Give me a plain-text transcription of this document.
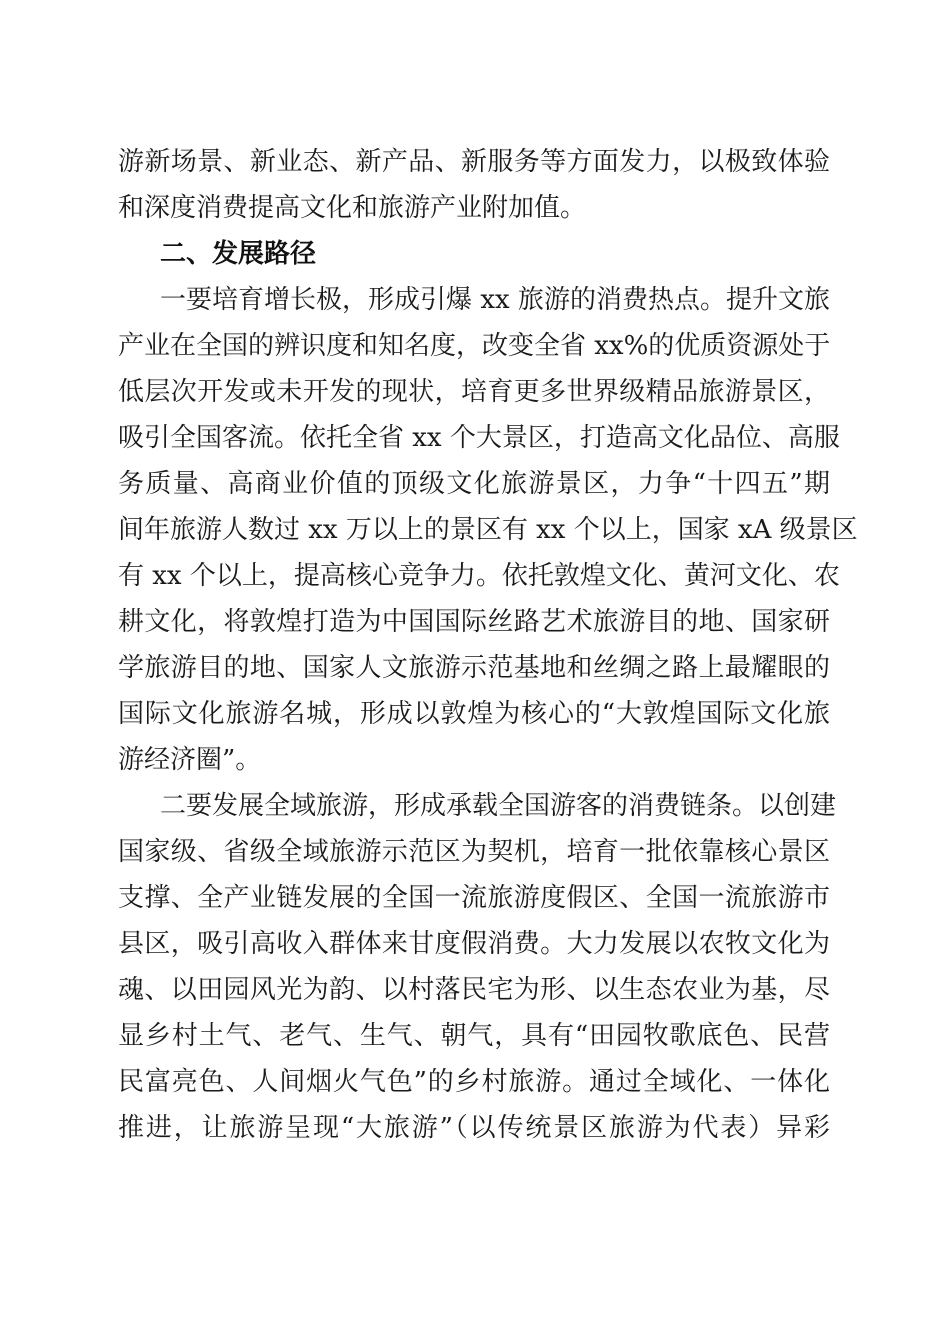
游新场景、新业态、新产品、新服务等方面发力，以极致体验

和深度消费提高文化和旅游产业附加值。

二、发展路径

一要培育增长极，形成引爆 xx 旅游的消费热点。提升文旅

产业在全国的辨识度和知名度，改变全省 xx%的优质资源处于

低层次开发或未开发的现状，培育更多世界级精品旅游景区，

吸引全国客流。依托全省 xx 个大景区，打造高文化品位、高服

务质量、高商业价值的顶级文化旅游景区，力争“十四五”期

间年旅游人数过 xx 万以上的景区有 xx 个以上，国家 xA 级景区

有 xx 个以上，提高核心竞争力。依托敦煌文化、黄河文化、农

耕文化，将敦煌打造为中国国际丝路艺术旅游目的地、国家研

学旅游目的地、国家人文旅游示范基地和丝绸之路上最耀眼的

国际文化旅游名城，形成以敦煌为核心的“大敦煌国际文化旅

游经济圈”。

二要发展全域旅游，形成承载全国游客的消费链条。以创建

国家级、省级全域旅游示范区为契机，培育一批依靠核心景区

支撑、全产业链发展的全国一流旅游度假区、全国一流旅游市

县区，吸引高收入群体来甘度假消费。大力发展以农牧文化为

魂、以田园风光为韵、以村落民宅为形、以生态农业为基，尽

显乡村土气、老气、生气、朝气，具有“田园牧歌底色、民营

民富亮色、人间烟火气色”的乡村旅游。通过全域化、一体化

推进，让旅游呈现“大旅游”（以传统景区旅游为代表）异彩
